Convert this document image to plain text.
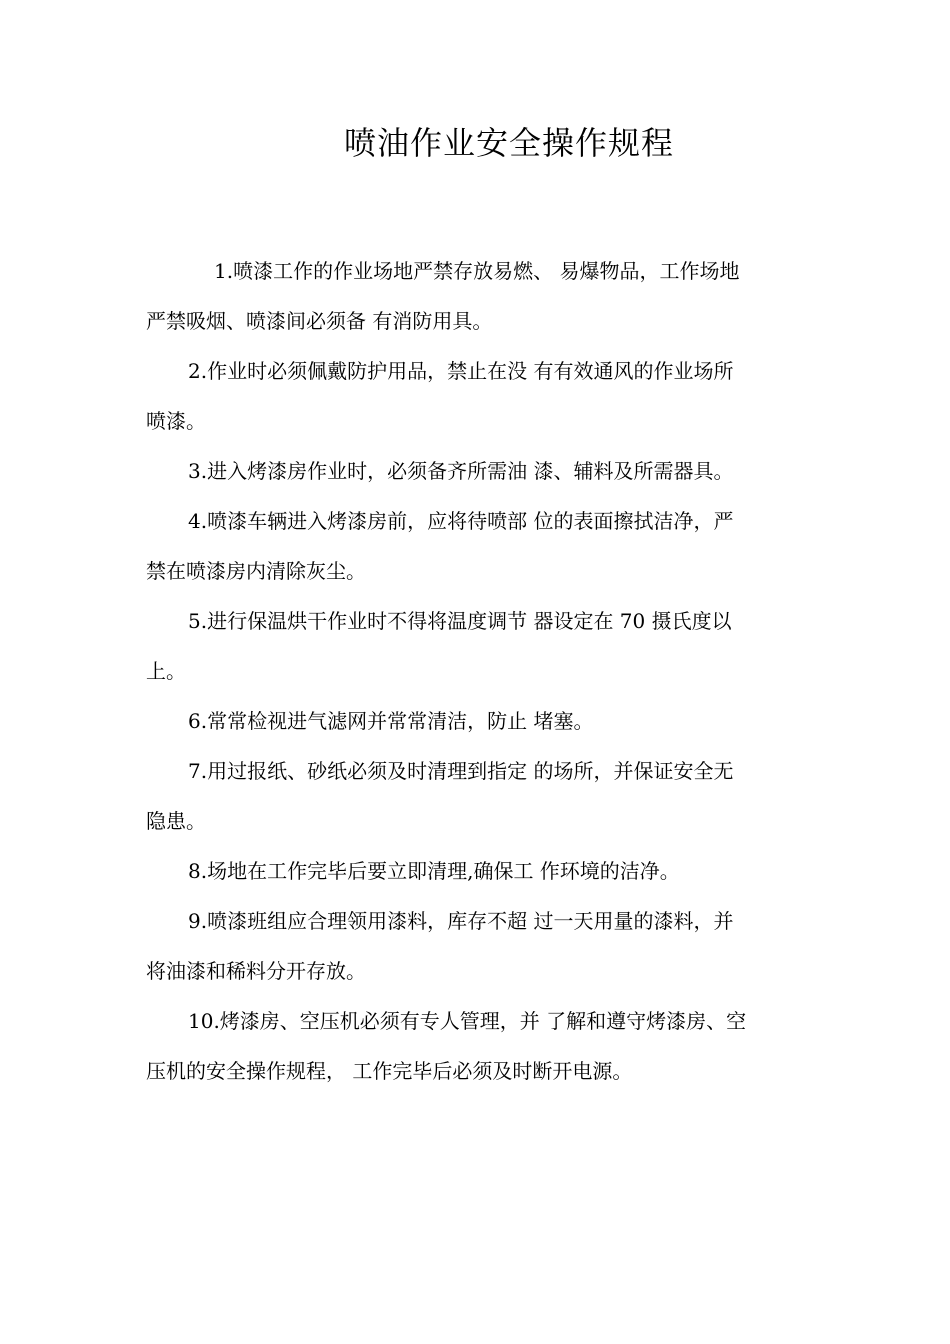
喷油作业安全操作规程

1.喷漆工作的作业场地严禁存放易燃、 易爆物品，工作场地
严禁吸烟、喷漆间必须备 有消防用具。

2.作业时必须佩戴防护用品，禁止在没 有有效通风的作业场所
喷漆。

3.进入烤漆房作业时，必须备齐所需油 漆、辅料及所需器具。

4.喷漆车辆进入烤漆房前，应将待喷部 位的表面擦拭洁净，严
禁在喷漆房内清除灰尘。

5.进行保温烘干作业时不得将温度调节 器设定在 70 摄氏度以
上。

6.常常检视进气滤网并常常清洁，防止 堵塞。

7.用过报纸、砂纸必须及时清理到指定 的场所，并保证安全无
隐患。

8.场地在工作完毕后要立即清理,确保工 作环境的洁净。

9.喷漆班组应合理领用漆料，库存不超 过一天用量的漆料，并
将油漆和稀料分开存放。

10.烤漆房、空压机必须有专人管理，并 了解和遵守烤漆房、空
压机的安全操作规程， 工作完毕后必须及时断开电源。
